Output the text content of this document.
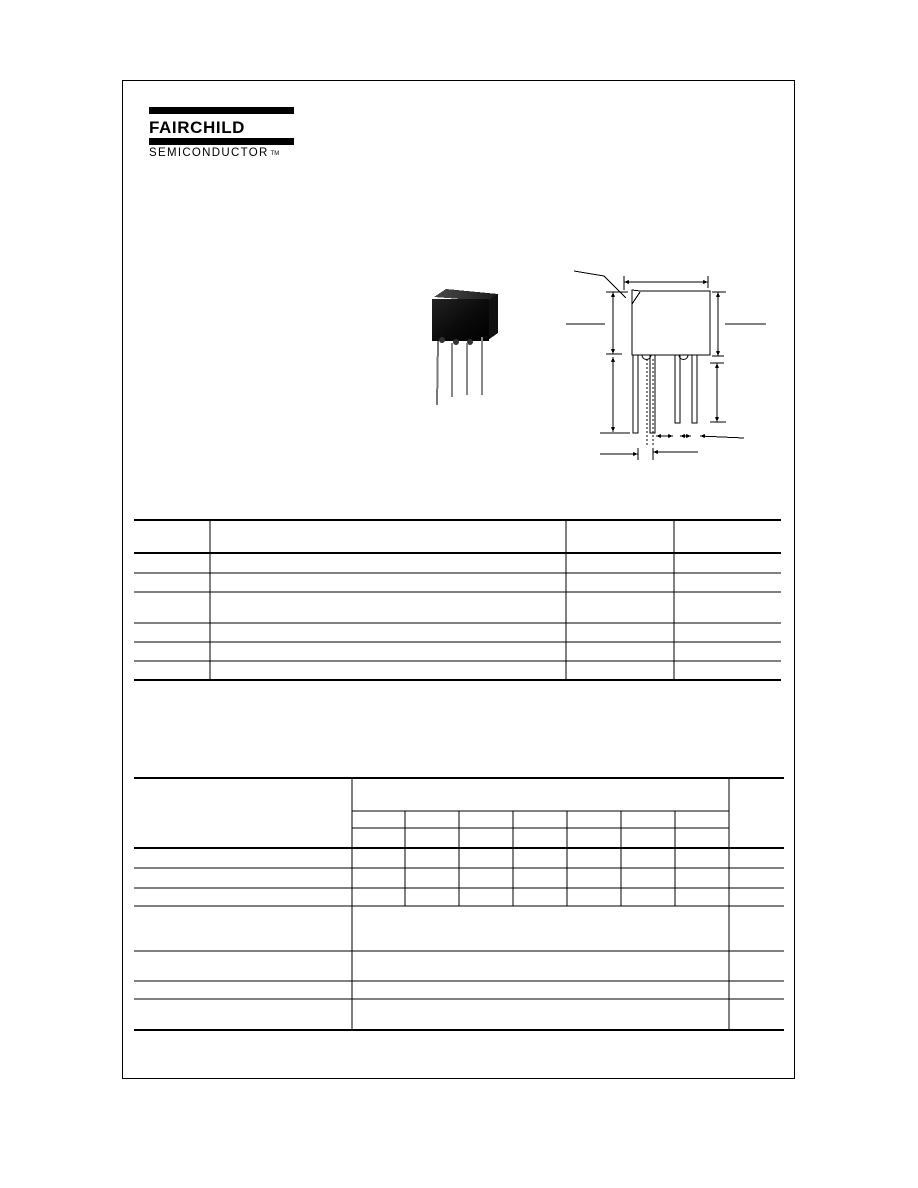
FAIRCHILD
SEMICONDUCTOR TM
